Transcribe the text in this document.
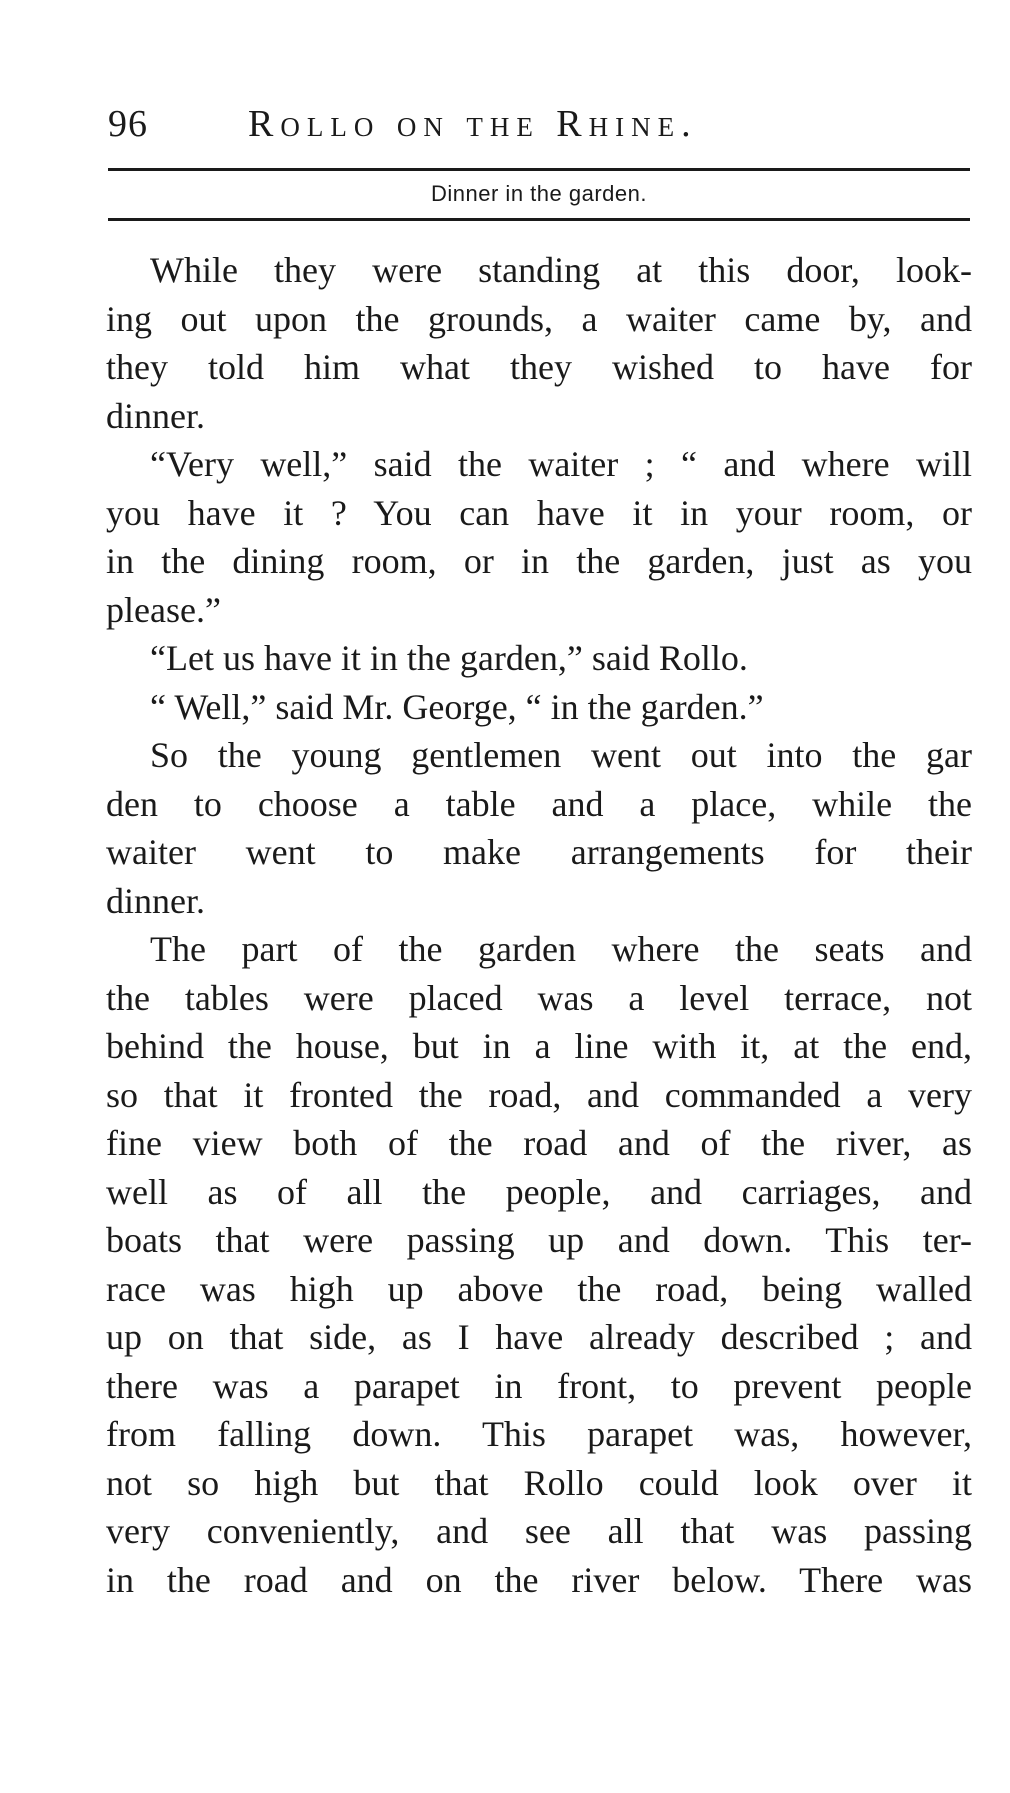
96	Rollo on the Rhine.
Dinner in the garden.
While they were standing at this door, look-
ing out upon the grounds, a waiter came by, and
they told him what they wished to have for
dinner.
“Very well,” said the waiter ; “ and where will
you have it ? You can have it in your room, or
in the dining room, or in the garden, just as you
please.”
“Let us have it in the garden,” said Rollo.
“ Well,” said Mr. George, “ in the garden.”
So the young gentlemen went out into the gar
den to choose a table and a place, while the
waiter went to make arrangements for their
dinner.
The part of the garden where the seats and
the tables were placed was a level terrace, not
behind the house, but in a line with it, at the end,
so that it fronted the road, and commanded a very
fine view both of the road and of the river, as
well as of all the people, and carriages, and
boats that were passing up and down. This ter-
race was high up above the road, being walled
up on that side, as I have already described ; and
there was a parapet in front, to prevent people
from falling down. This parapet was, however,
not so high but that Rollo could look over it
very conveniently, and see all that was passing
in the road and on the river below. There was
